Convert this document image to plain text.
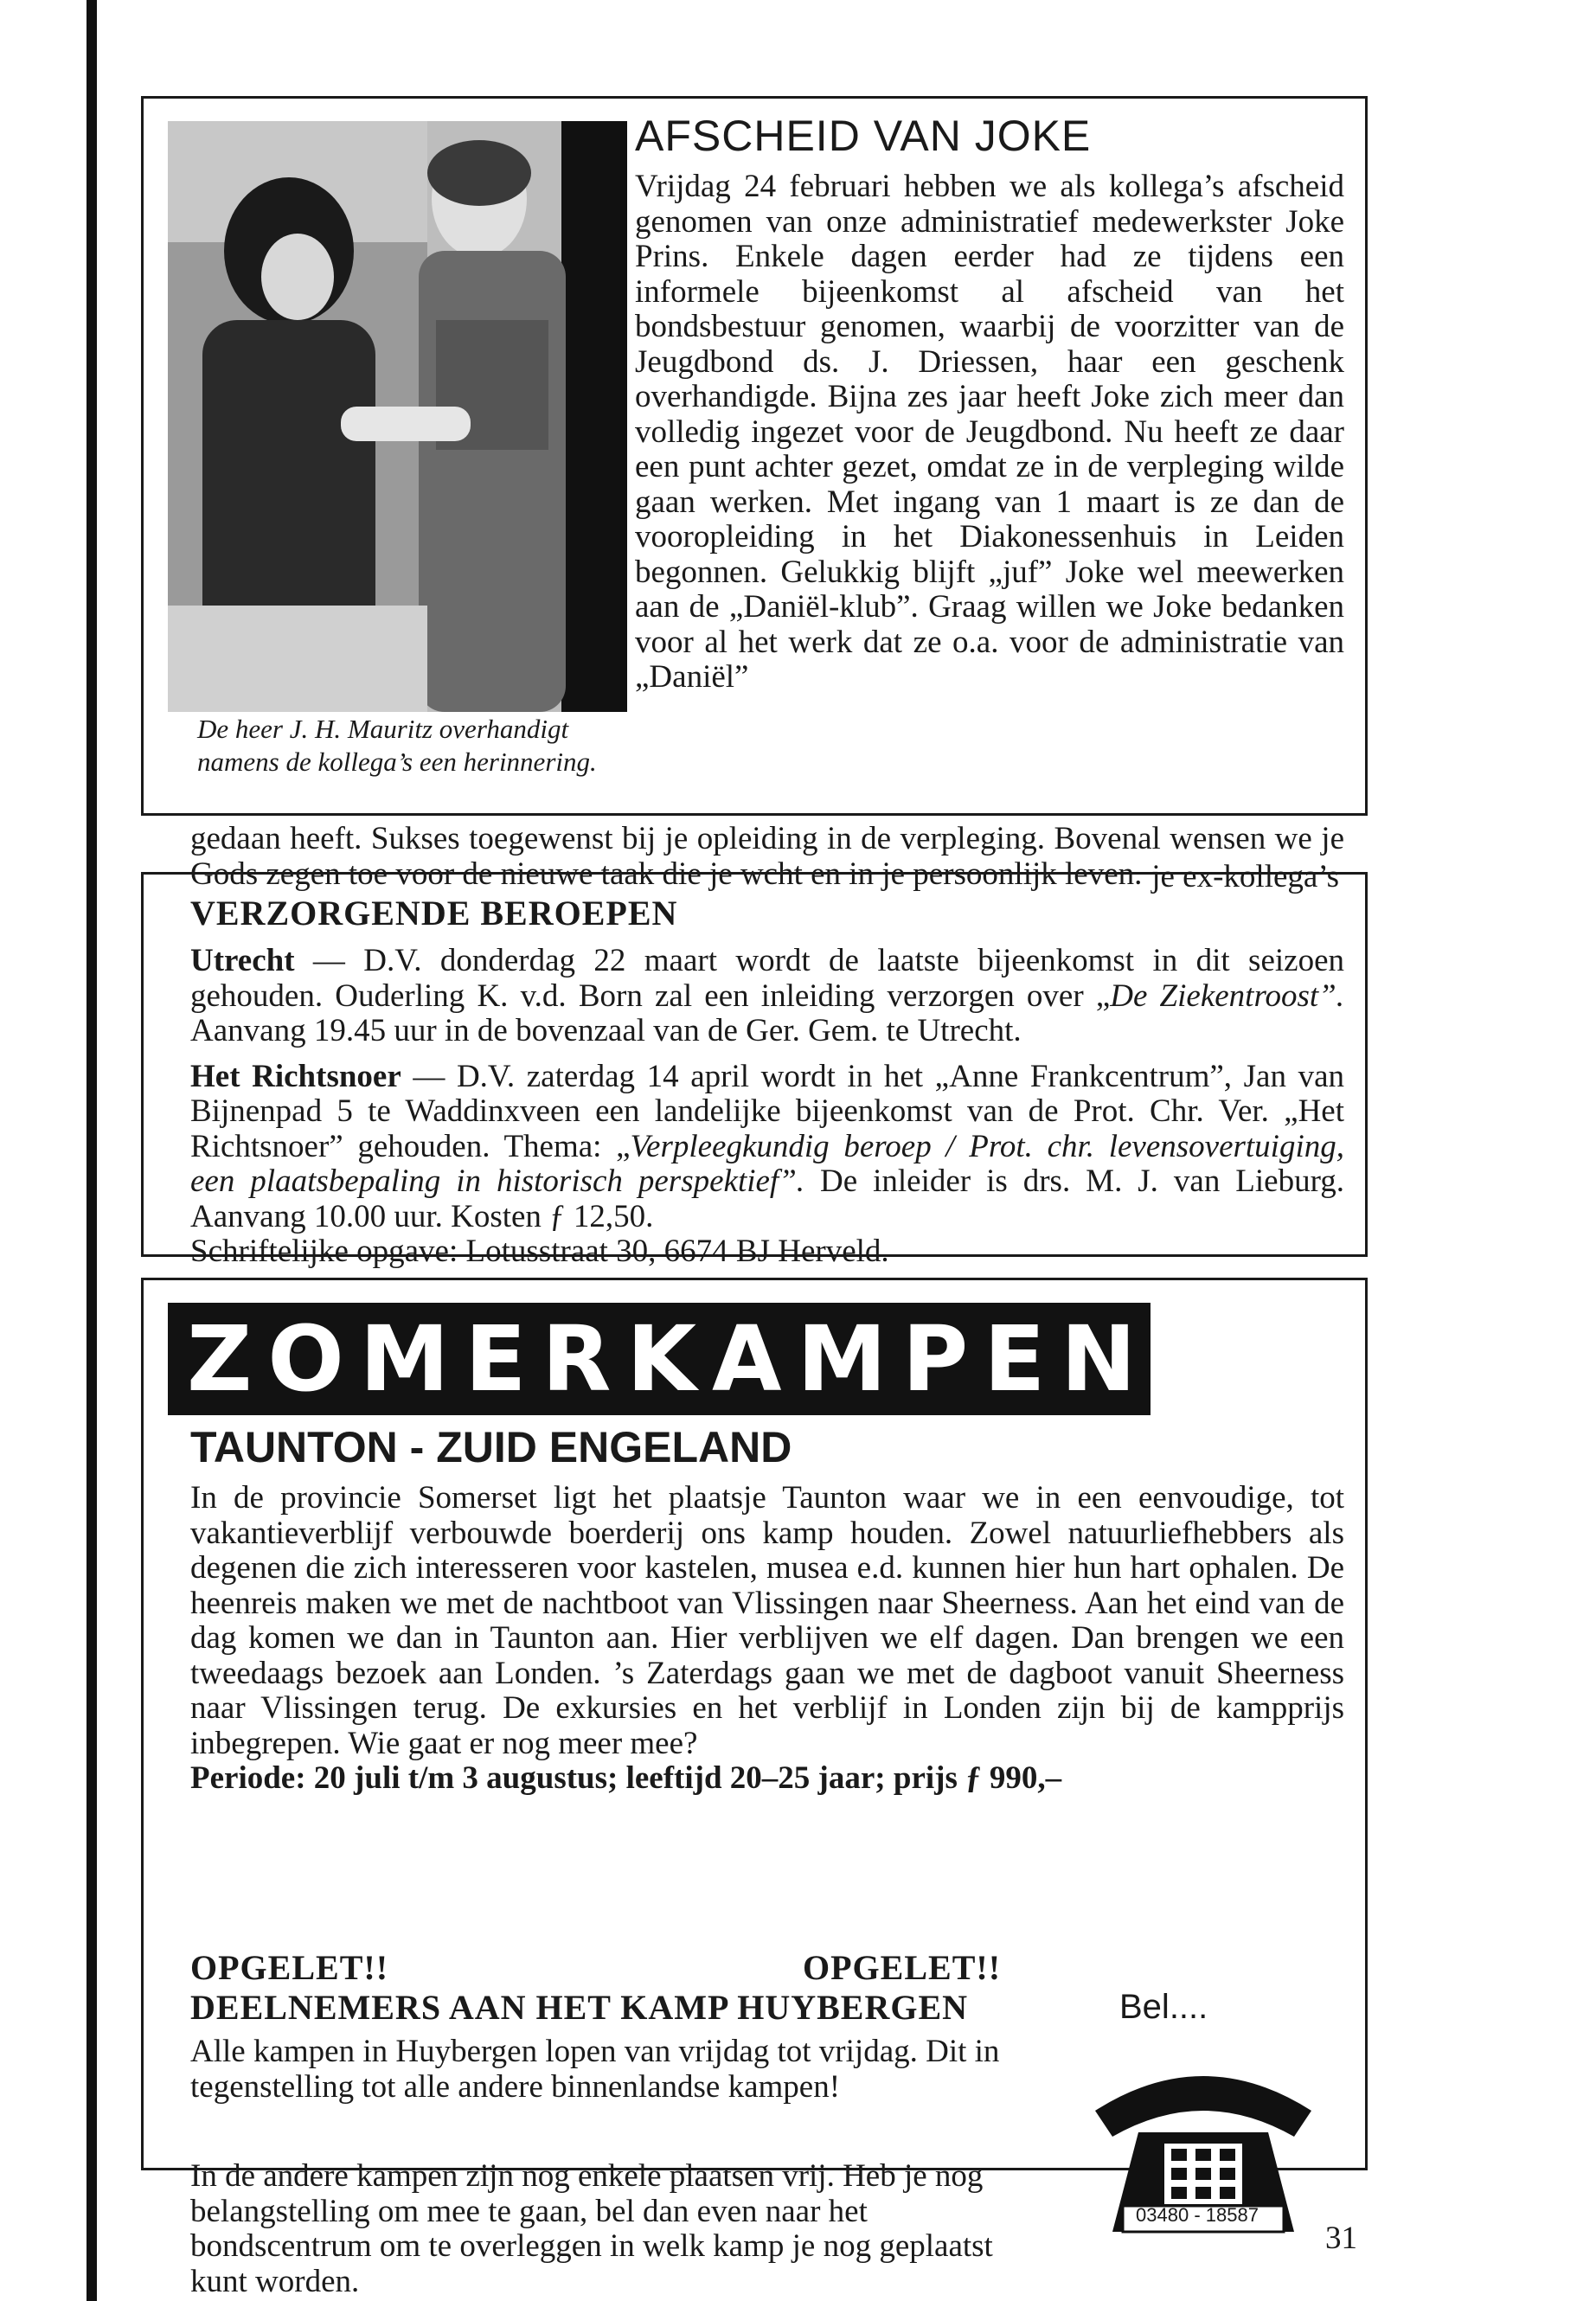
De heer J. H. Mauritz overhandigt namens de kollega’s een herinnering.

AFSCHEID VAN JOKE

Vrijdag 24 februari hebben we als kollega’s afscheid genomen van onze administratief medewerkster Joke Prins. Enkele dagen eerder had ze tijdens een informele bijeenkomst al afscheid van het bondsbestuur genomen, waarbij de voorzitter van de Jeugdbond ds. J. Driessen, haar een geschenk overhandigde. Bijna zes jaar heeft Joke zich meer dan volledig ingezet voor de Jeugdbond. Nu heeft ze daar een punt achter gezet, omdat ze in de verpleging wilde gaan werken. Met ingang van 1 maart is ze dan de vooropleiding in het Diakonessenhuis in Leiden begonnen. Gelukkig blijft „juf” Joke wel meewerken aan de „Daniël-klub”. Graag willen we Joke bedanken voor al het werk dat ze o.a. voor de administratie van „Daniël”

gedaan heeft. Sukses toegewenst bij je opleiding in de verpleging. Bovenal wensen we je Gods zegen toe voor de nieuwe taak die je wcht en in je persoonlijk leven. je ex-kollega’s
VERZORGENDE BEROEPEN

Utrecht — D.V. donderdag 22 maart wordt de laatste bijeenkomst in dit seizoen gehouden. Ouderling K. v.d. Born zal een inleiding verzorgen over „De Ziekentroost”. Aanvang 19.45 uur in de bovenzaal van de Ger. Gem. te Utrecht.

Het Richtsnoer — D.V. zaterdag 14 april wordt in het „Anne Frankcentrum”, Jan van Bijnenpad 5 te Waddinxveen een landelijke bijeenkomst van de Prot. Chr. Ver. „Het Richtsnoer” gehouden. Thema: „Verpleegkundig beroep / Prot. chr. levensovertuiging, een plaatsbepaling in historisch perspektief”. De inleider is drs. M. J. van Lieburg. Aanvang 10.00 uur. Kosten ƒ 12,50.

Schriftelijke opgave: Lotusstraat 30, 6674 BJ Herveld.

ZOMERKAMPEN
TAUNTON - ZUID ENGELAND

In de provincie Somerset ligt het plaatsje Taunton waar we in een eenvoudige, tot vakantieverblijf verbouwde boerderij ons kamp houden. Zowel natuurliefhebbers als degenen die zich interesseren voor kastelen, musea e.d. kunnen hier hun hart ophalen. De heenreis maken we met de nachtboot van Vlissingen naar Sheerness. Aan het eind van de dag komen we dan in Taunton aan. Hier verblijven we elf dagen. Dan brengen we een tweedaags bezoek aan Londen. ’s Zaterdags gaan we met de dagboot vanuit Sheerness naar Vlissingen terug. De exkursies en het verblijf in Londen zijn bij de kampprijs inbegrepen. Wie gaat er nog meer mee?

Periode: 20 juli t/m 3 augustus; leeftijd 20–25 jaar; prijs ƒ 990,–

OPGELET!!	OPGELET!!
DEELNEMERS AAN HET KAMP HUYBERGEN	Bel....

Alle kampen in Huybergen lopen van vrijdag tot vrijdag. Dit in tegenstelling tot alle andere binnenlandse kampen!

In de andere kampen zijn nog enkele plaatsen vrij. Heb je nog belangstelling om mee te gaan, bel dan even naar het bondscentrum om te overleggen in welk kamp je nog geplaatst kunt worden.

03480 - 18587
31
